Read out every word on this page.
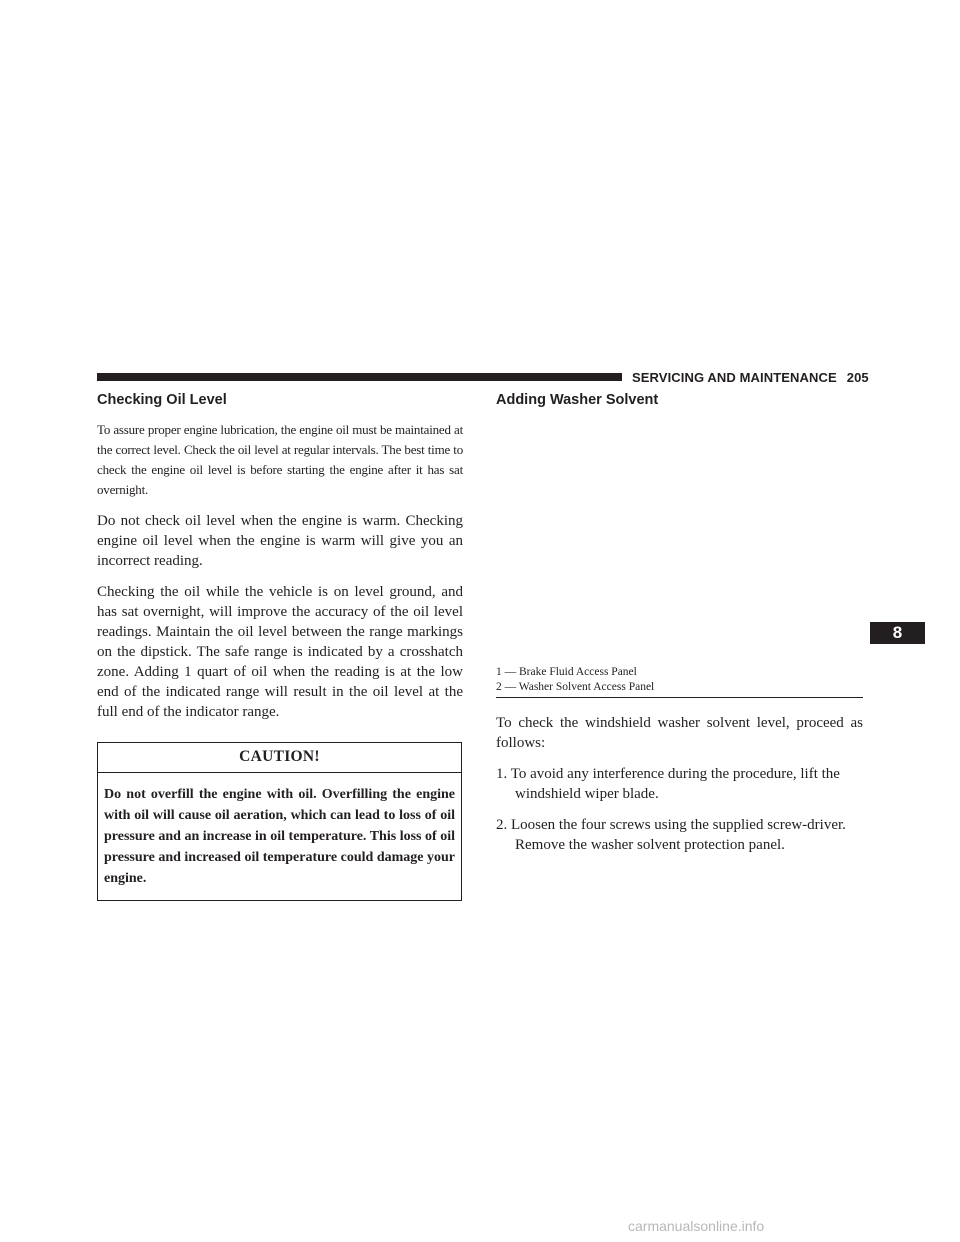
SERVICING AND MAINTENANCE 205
8
Checking Oil Level

To assure proper engine lubrication, the engine oil must be maintained at the correct level. Check the oil level at regular intervals. The best time to check the engine oil level is before starting the engine after it has sat overnight.

Do not check oil level when the engine is warm. Checking engine oil level when the engine is warm will give you an incorrect reading.

Checking the oil while the vehicle is on level ground, and has sat overnight, will improve the accuracy of the oil level readings. Maintain the oil level between the range markings on the dipstick. The safe range is indicated by a crosshatch zone. Adding 1 quart of oil when the reading is at the low end of the indicated range will result in the oil level at the full end of the indicator range.

CAUTION!
Do not overfill the engine with oil. Overfilling the engine with oil will cause oil aeration, which can lead to loss of oil pressure and an increase in oil temperature. This loss of oil pressure and increased oil temperature could damage your engine.
Adding Washer Solvent
1 — Brake Fluid Access Panel
2 — Washer Solvent Access Panel

To check the windshield washer solvent level, proceed as follows:

1. To avoid any interference during the procedure, lift the windshield wiper blade.
2. Loosen the four screws using the supplied screw-driver. Remove the washer solvent protection panel.
carmanualsonline.info
